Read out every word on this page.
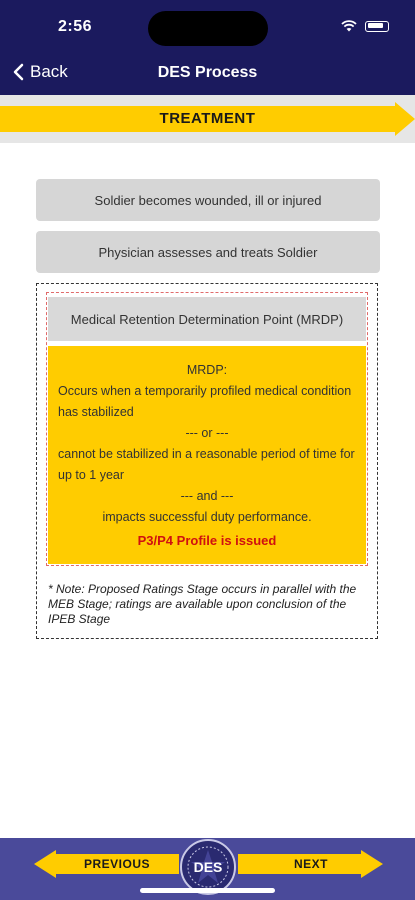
2:56
Back	DES Process
TREATMENT
Soldier becomes wounded, ill or injured
Physician assesses and treats Soldier
Medical Retention Determination Point (MRDP)
MRDP:
Occurs when a temporarily profiled medical condition has stabilized
--- or ---
cannot be stabilized in a reasonable period of time for up to 1 year
--- and ---
impacts successful duty performance.
P3/P4 Profile is issued
* Note: Proposed Ratings Stage occurs in parallel with the MEB Stage; ratings are available upon conclusion of the IPEB Stage
PREVIOUS	NEXT
DES
